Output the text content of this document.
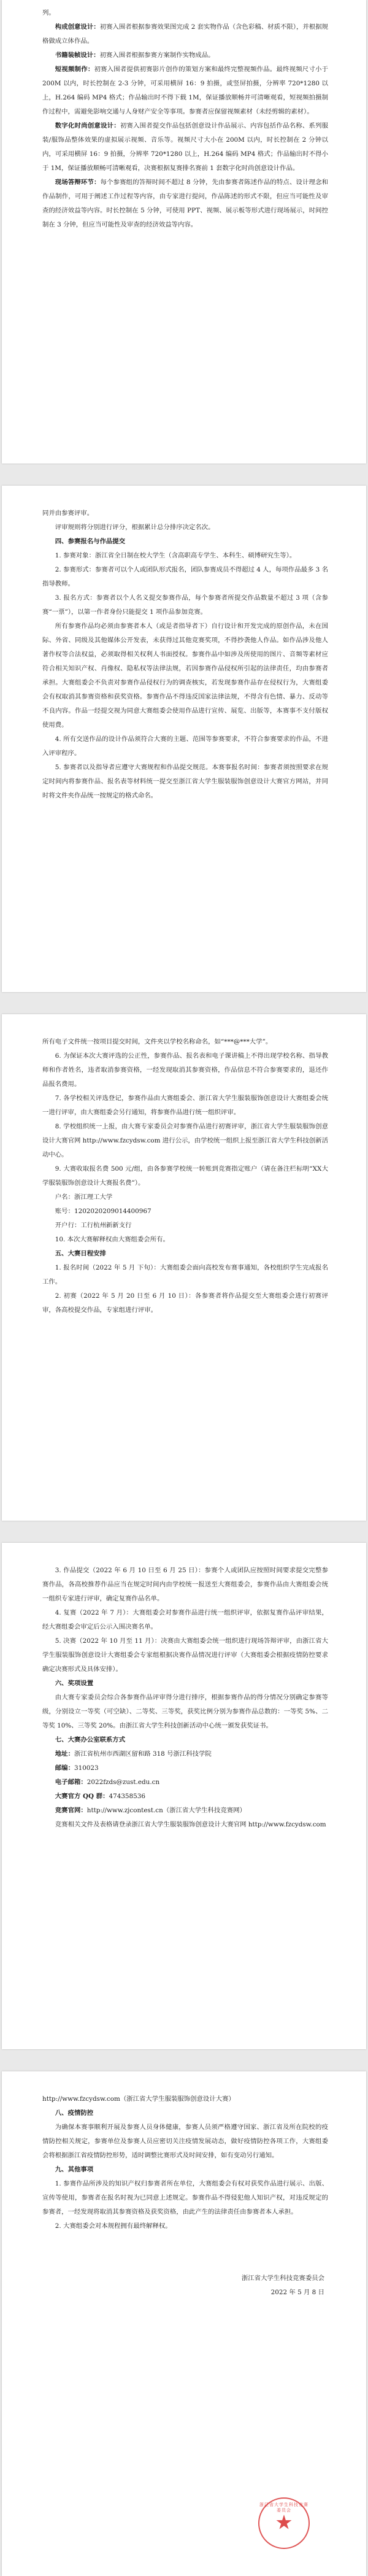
列。

构成创意设计：初赛入围者根据参赛效果图完成 2 套实物作品（含色彩稿、材质不限），并根据规格做成立体作品。

书籍装帧设计：初赛入围者根据参赛方案制作实物成品。

短视频制作：初赛入围者提供初赛影片创作的策划方案和最终完整视频作品。最终视频尺寸小于 200M 以内，时长控制在 2-3 分钟，可采用横屏 16：9 拍摄，或竖屏拍摄，分辨率 720*1280 以上，H.264 编码 MP4 格式；作品输出时不得下载 1M，保证播放顺畅并可清晰观看，短视频拍摄制作过程中，需避免影响交通与人身财产安全等事项。参赛者应保留视频素材（未经剪辑的素材）。

数字化时尚创意设计：初赛入围者提交作品包括创意设计作品展示、内容包括作品名称、系列服装/服饰品整体效果的虚拟展示视频、音乐等。视频尺寸大小在 200M 以内，时长控制在 2 分钟以内，可采用横屏 16：9 拍摄，分辨率 720*1280 以上，H.264 编码 MP4 格式；作品输出时不得小于 1M，保证播放顺畅可清晰观看，决赛根据复赛排名赛前 1 套数字化时尚创意设计作品。

现场答辩环节：每个参赛组的答辩时间不超过 8 分钟，先由参赛者陈述作品的特点、设计理念和作品制作，可用于阐述工作过程等内容，由专家进行提问，作品陈述的形式不限，但应当可能性及审查的经济效益等内容。时长控制在 5 分钟，可使用 PPT、视频、展示板等形式进行现场展示，时间控制在 3 分钟，但应当可能性及审查的经济效益等内容。

同并由参赛评审。

评审规则将分别进行评分，根据累计总分排序决定名次。

四、参赛报名与作品提交

1. 参赛对象：浙江省全日制在校大学生（含高职高专学生、本科生、硕博研究生等）。

2. 参赛形式：参赛者可以个人或团队形式报名，团队参赛成员不得超过 4 人，每项作品最多 3 名指导教师。

3. 报名方式：参赛者以个人名义提交参赛作品，每个参赛者所提交作品数量不超过 3 项（含参赛“一票”），以第一作者身份只能提交 1 项作品参加竞赛。

所有参赛作品均必须由参赛者本人（或是者指导者下）自行设计和开发完成的原创作品，未在国际、外省、同级及其他媒体公开发表，未获得过其他竞赛奖项，不得抄袭他人作品。如作品涉及他人著作权等合法权益，必须取得相关权利人书面授权。参赛作品中如涉及所使用的图片、音频等素材应符合相关知识产权、肖像权、隐私权等法律法规，若因参赛作品侵权所引起的法律责任，均由参赛者承担。大赛组委会不负责对参赛作品侵权行为的调查核实，若发现参赛作品存在侵权行为，大赛组委会有权取消其参赛资格和获奖资格。参赛作品不得违反国家法律法规，不得含有色情、暴力、反动等不良内容。作品一经提交视为同意大赛组委会使用作品进行宣传、展览、出版等，本赛事不支付版权使用费。

4. 所有交送作品的设计作品须符合大赛的主题、范围等参赛要求，不符合参赛要求的作品，不进入评审程序。

5. 参赛者以及指导者应遵守大赛规程和作品提交规范。本赛事报名时间：参赛者须按照要求在规定时间内将参赛作品、报名表等材料统一提交至浙江省大学生服装服饰创意设计大赛官方网站，并同时将文件夹作品统一按规定的格式命名。

所有电子文件统一按项目提交时间，文件夹以学校名称命名，如“***@***大学”。

6. 为保证本次大赛评选的公正性，参赛作品、报名表和电子课讲稿上不得出现学校名称、指导教师和作者姓名，违者取消参赛资格，一经发现取消其参赛资格，作品信息不符合参赛要求的，退还作品报名费用。

7. 各学校相关评选登记，参赛作品由大赛组委会、浙江省大学生服装服饰创意设计大赛组委会统一进行评审，由大赛组委会另行通知，将参赛作品进行统一组织评审。

8. 学校组织统一上报，由大赛专家委员会对参赛作品进行初赛评审，浙江省大学生服装服饰创意设计大赛官网 http://www.fzcydsw.com 进行公示，由学校统一组织上报至浙江省大学生科技创新活动中心。

9. 大赛收取报名费 500 元/组，由各参赛学校统一转账到竞赛指定账户（请在备注栏标明“XX大学服装服饰创意设计大赛报名费”）。

户名：浙江理工大学

账号：1202020209014400967

开户行：工行杭州新新支行

10. 本次大赛解释权由大赛组委会所有。

五、大赛日程安排

1. 报名时间（2022 年 5 月 下旬）：大赛组委会面向高校发布赛事通知，各校组织学生完成报名工作。

2. 初赛（2022 年 5 月 20 日至 6 月 10 日）：各参赛者将作品提交至大赛组委会进行初赛评审，各高校提交作品，专家组进行评审。

3. 作品提交（2022 年 6 月 10 日至 6 月 25 日）：参赛个人或团队应按照时间要求提交完整参赛作品，各高校推荐作品应当在规定时间内由学校统一报送至大赛组委会，参赛作品由大赛组委会统一组织专家进行评审，确定复赛作品名单。

4. 复赛（2022 年 7 月）：大赛组委会对参赛作品进行统一组织评审，依据复赛作品评审结果，经大赛组委会审定后公示入围决赛名单。

5. 决赛（2022 年 10 月至 11 月）：决赛由大赛组委会统一组织进行现场答辩评审，由浙江省大学生服装服饰创意设计大赛组委会专家组根据决赛作品情况进行评审（大赛组委会根据疫情防控要求确定决赛形式及具体安排）。

六、奖项设置

由大赛专家委员会综合各参赛作品评审得分进行排序，根据参赛作品的得分情况分别确定参赛等级，分别设立一等奖（可空缺）、二等奖、三等奖，获奖比例分别为参赛作品总数的：一等奖 5%、二等奖 10%、三等奖 20%。由浙江省大学生科技创新活动中心统一颁发获奖证书。

七、大赛办公室联系方式

地址：浙江省杭州市西湖区留和路 318 号浙江科技学院

邮编：310023

电子邮箱：2022fzds@zust.edu.cn

大赛官方 QQ 群：474358536

竞赛官网：http://www.zjcontest.cn（浙江省大学生科技竞赛网）

竞赛相关文件及表格请登录浙江省大学生服装服饰创意设计大赛官网 http://www.fzcydsw.com

http://www.fzcydsw.com（浙江省大学生服装服饰创意设计大赛）

八、疫情防控

为确保本赛事顺利开展及参赛人员身体健康，参赛人员须严格遵守国家、浙江省及所在院校的疫情防控相关规定，参赛单位及参赛人员应密切关注疫情发展动态，做好疫情防控各项工作，大赛组委会将根据浙江省疫情防控形势，适时调整比赛形式及时间安排，如有变动另行通知。

九、其他事项

1. 参赛作品所涉及的知识产权归参赛者所在单位，大赛组委会有权对获奖作品进行展示、出版、宣传等使用，参赛者在报名时视为已同意上述规定。参赛作品不得侵犯他人知识产权，对违反规定的参赛者，一经发现将取消其参赛资格及获奖资格，由此产生的法律责任由参赛者本人承担。

2. 大赛组委会对本规程拥有最终解释权。

浙江省大学生科技竞赛委员会

2022 年 5 月 8 日

浙江省大学生科技竞赛委员会
